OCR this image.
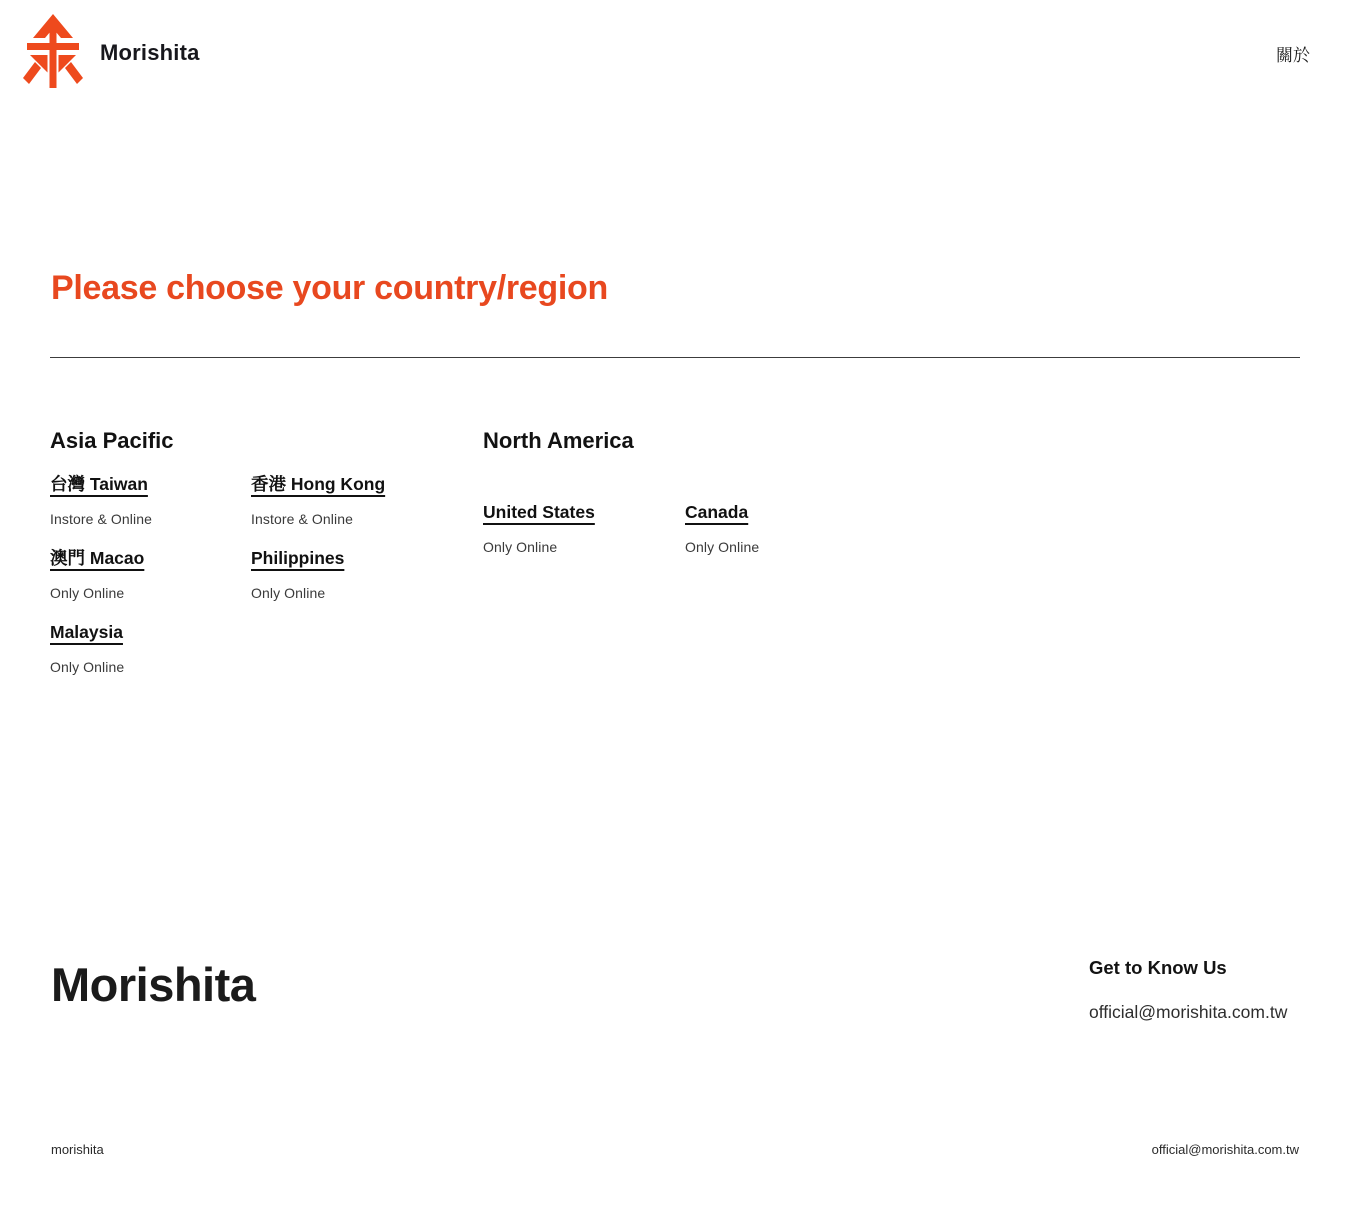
Morishita	關於
Please choose your country/region
Asia Pacific
台灣 Taiwan
Instore & Online
香港 Hong Kong
Instore & Online
澳門 Macao
Only Online
Philippines
Only Online
Malaysia
Only Online
North America
United States
Only Online
Canada
Only Online
Morishita	Get to Know Us
official@morishita.com.tw
morishita	official@morishita.com.tw
